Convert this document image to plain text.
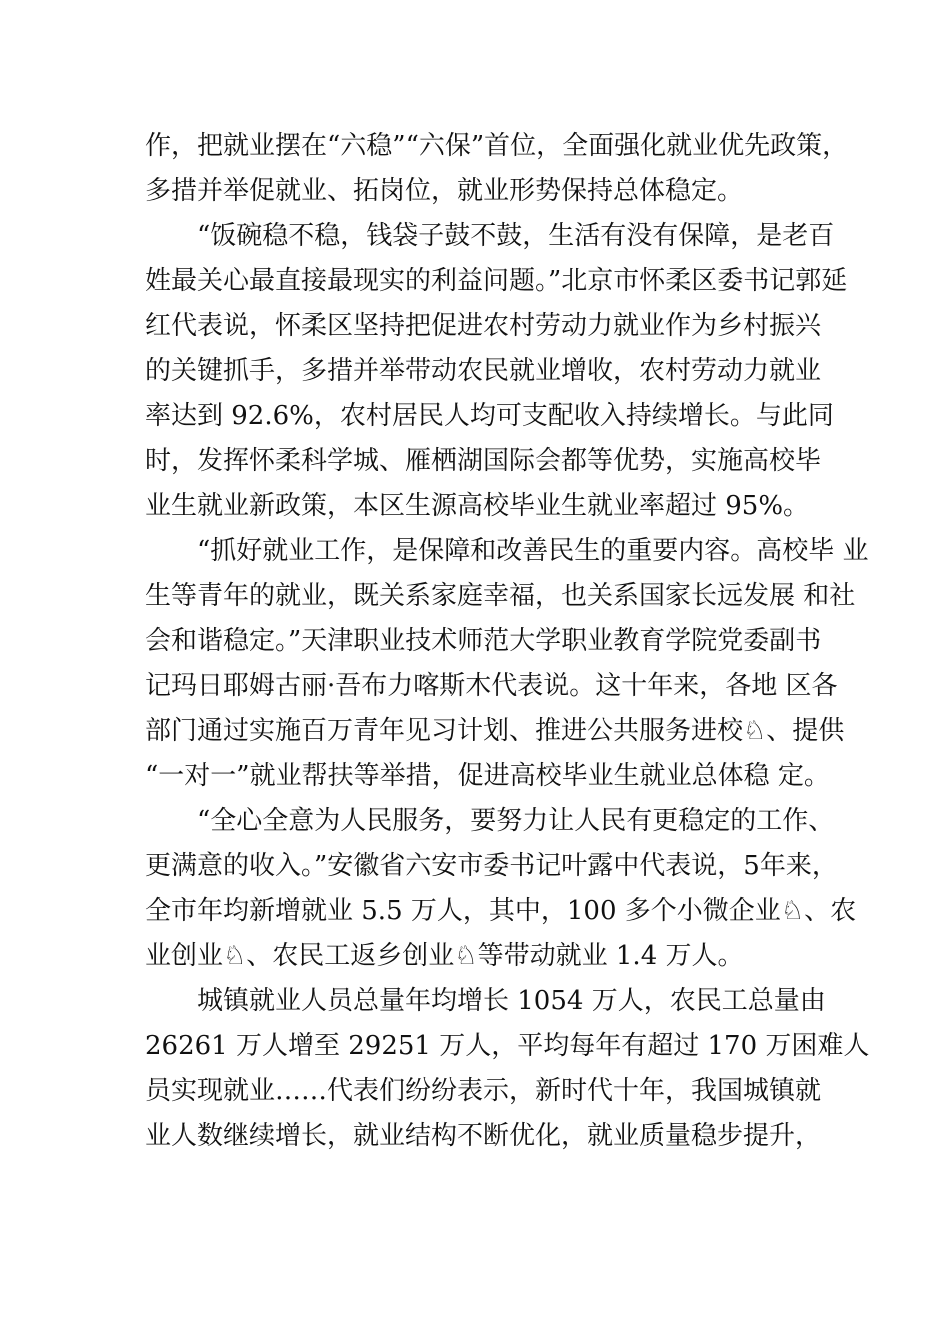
作，把就业摆在“六稳”“六保”首位，全面强化就业优先政策，
多措并举促就业、拓岗位，就业形势保持总体稳定。
“饭碗稳不稳，钱袋子鼓不鼓，生活有没有保障，是老百
姓最关心最直接最现实的利益问题。”北京市怀柔区委书记郭延
红代表说，怀柔区坚持把促进农村劳动力就业作为乡村振兴
的关键抓手，多措并举带动农民就业增收，农村劳动力就业
率达到 92.6%，农村居民人均可支配收入持续增长。与此同
时，发挥怀柔科学城、雁栖湖国际会都等优势，实施高校毕
业生就业新政策，本区生源高校毕业生就业率超过 95%。
“抓好就业工作，是保障和改善民生的重要内容。高校毕 业
生等青年的就业，既关系家庭幸福，也关系国家长远发展 和社
会和谐稳定。”天津职业技术师范大学职业教育学院党委副书
记玛日耶姆古丽·吾布力喀斯木代表说。这十年来，各地 区各
部门通过实施百万青年见习计划、推进公共服务进校♘、提供
“一对一”就业帮扶等举措，促进高校毕业生就业总体稳 定。
“全心全意为人民服务，要努力让人民有更稳定的工作、
更满意的收入。”安徽省六安市委书记叶露中代表说，5年来，
全市年均新增就业 5.5 万人，其中，100 多个小微企业♘、农
业创业♘、农民工返乡创业♘等带动就业 1.4 万人。
城镇就业人员总量年均增长 1054 万人，农民工总量由
26261 万人增至 29251 万人，平均每年有超过 170 万困难人
员实现就业……代表们纷纷表示，新时代十年，我国城镇就
业人数继续增长，就业结构不断优化，就业质量稳步提升，
